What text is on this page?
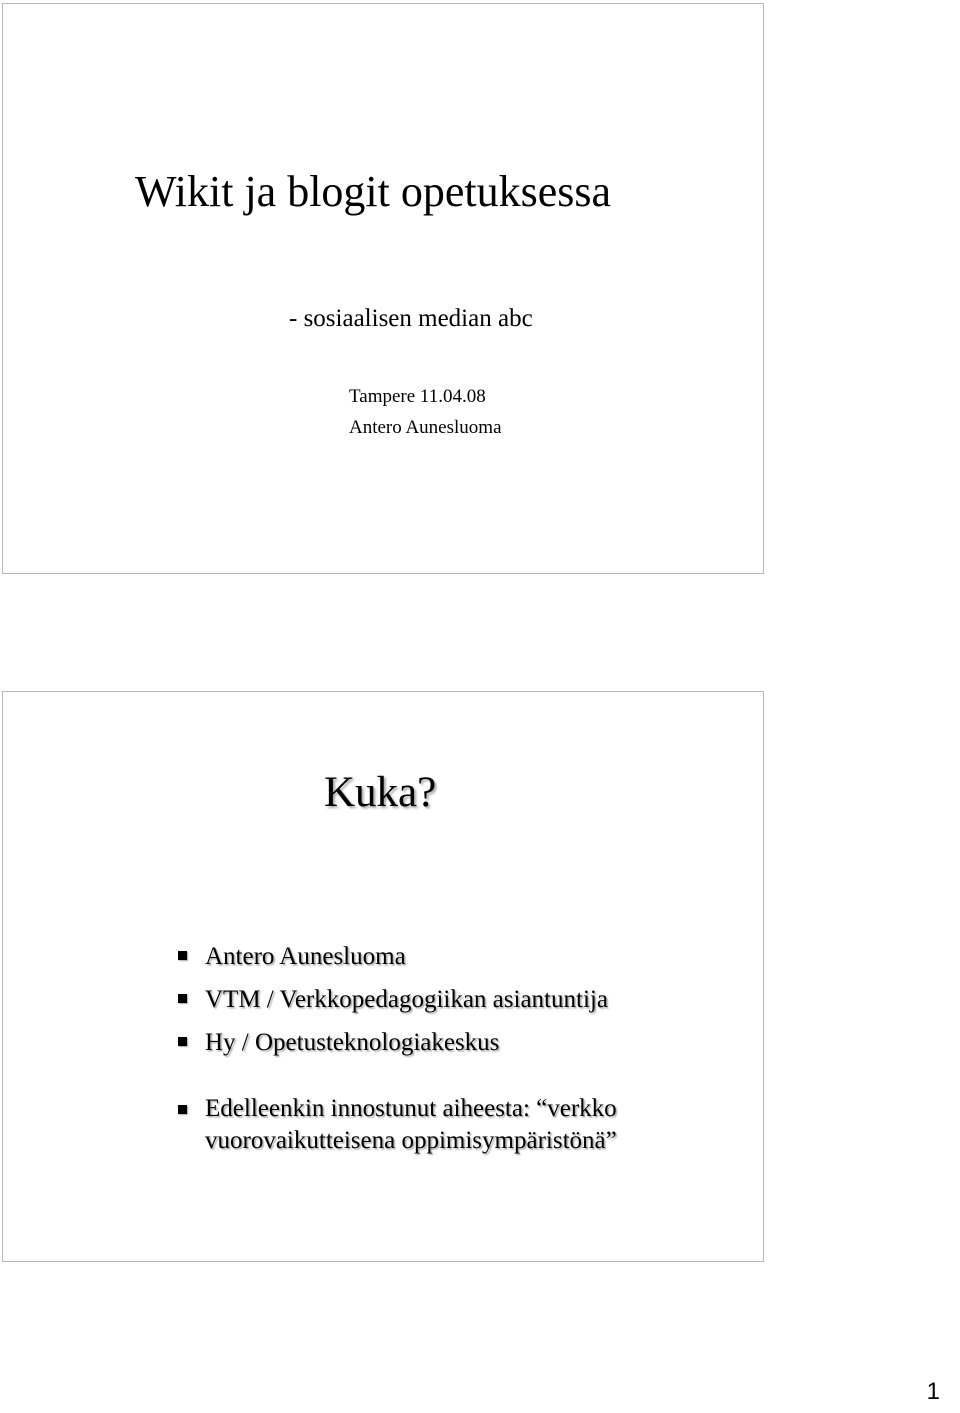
Wikit ja blogit opetuksessa
- sosiaalisen median abc
Tampere 11.04.08
Antero Aunesluoma
Kuka?
Antero Aunesluoma
VTM / Verkkopedagogiikan asiantuntija
Hy / Opetusteknologiakeskus
Edelleenkin innostunut aiheesta: “verkko
vuorovaikutteisena oppimisympäristönä”
1
